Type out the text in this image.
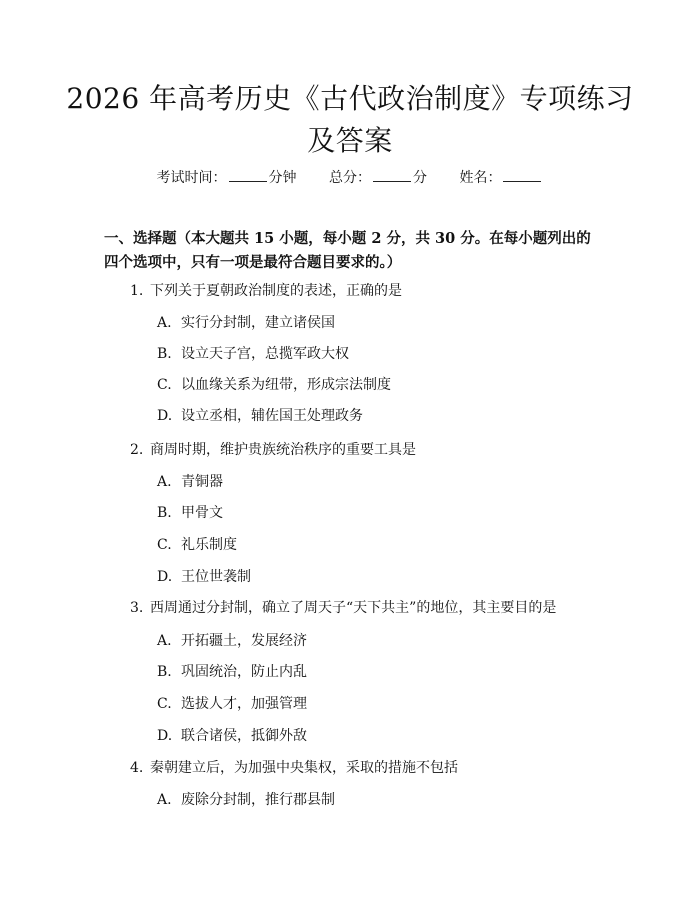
2026 年高考历史《古代政治制度》专项练习
及答案
考试时间：	分钟 总分：	分 姓名：
一、选择题（本大题共 15 小题，每小题 2 分，共 30 分。在每小题列出的四个选项中，只有一项是最符合题目要求的。）
1. 下列关于夏朝政治制度的表述，正确的是
A. 实行分封制，建立诸侯国
B. 设立天子宫，总揽军政大权
C. 以血缘关系为纽带，形成宗法制度
D. 设立丞相，辅佐国王处理政务
2. 商周时期，维护贵族统治秩序的重要工具是
A. 青铜器
B. 甲骨文
C. 礼乐制度
D. 王位世袭制
3. 西周通过分封制，确立了周天子“天下共主”的地位，其主要目的是
A. 开拓疆土，发展经济
B. 巩固统治，防止内乱
C. 选拔人才，加强管理
D. 联合诸侯，抵御外敌
4. 秦朝建立后，为加强中央集权，采取的措施不包括
A. 废除分封制，推行郡县制
